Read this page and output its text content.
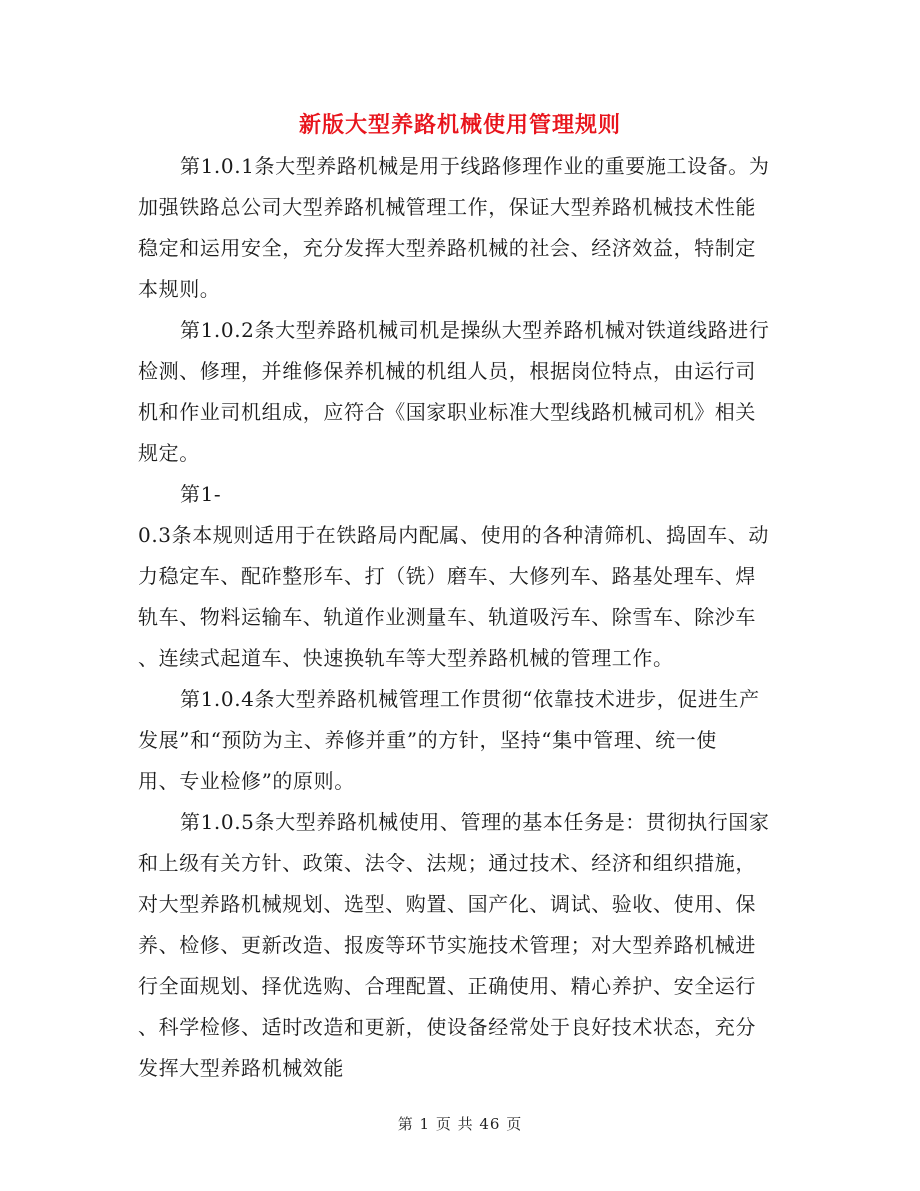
新版大型养路机械使用管理规则
第1.0.1条大型养路机械是用于线路修理作业的重要施工设备。为
加强铁路总公司大型养路机械管理工作，保证大型养路机械技术性能
稳定和运用安全，充分发挥大型养路机械的社会、经济效益，特制定
本规则。
第1.0.2条大型养路机械司机是操纵大型养路机械对铁道线路进行
检测、修理，并维修保养机械的机组人员，根据岗位特点，由运行司
机和作业司机组成，应符合《国家职业标准大型线路机械司机》相关
规定。
第1-
0.3条本规则适用于在铁路局内配属、使用的各种清筛机、捣固车、动
力稳定车、配砟整形车、打（铣）磨车、大修列车、路基处理车、焊
轨车、物料运输车、轨道作业测量车、轨道吸污车、除雪车、除沙车
、连续式起道车、快速换轨车等大型养路机械的管理工作。
第1.0.4条大型养路机械管理工作贯彻“依靠技术进步，促进生产
发展”和“预防为主、养修并重”的方针，坚持“集中管理、统一使
用、专业检修”的原则。
第1.0.5条大型养路机械使用、管理的基本任务是：贯彻执行国家
和上级有关方针、政策、法令、法规；通过技术、经济和组织措施，
对大型养路机械规划、选型、购置、国产化、调试、验收、使用、保
养、检修、更新改造、报废等环节实施技术管理；对大型养路机械进
行全面规划、择优选购、合理配置、正确使用、精心养护、安全运行
、科学检修、适时改造和更新，使设备经常处于良好技术状态，充分
发挥大型养路机械效能
第 1 页 共 46 页
